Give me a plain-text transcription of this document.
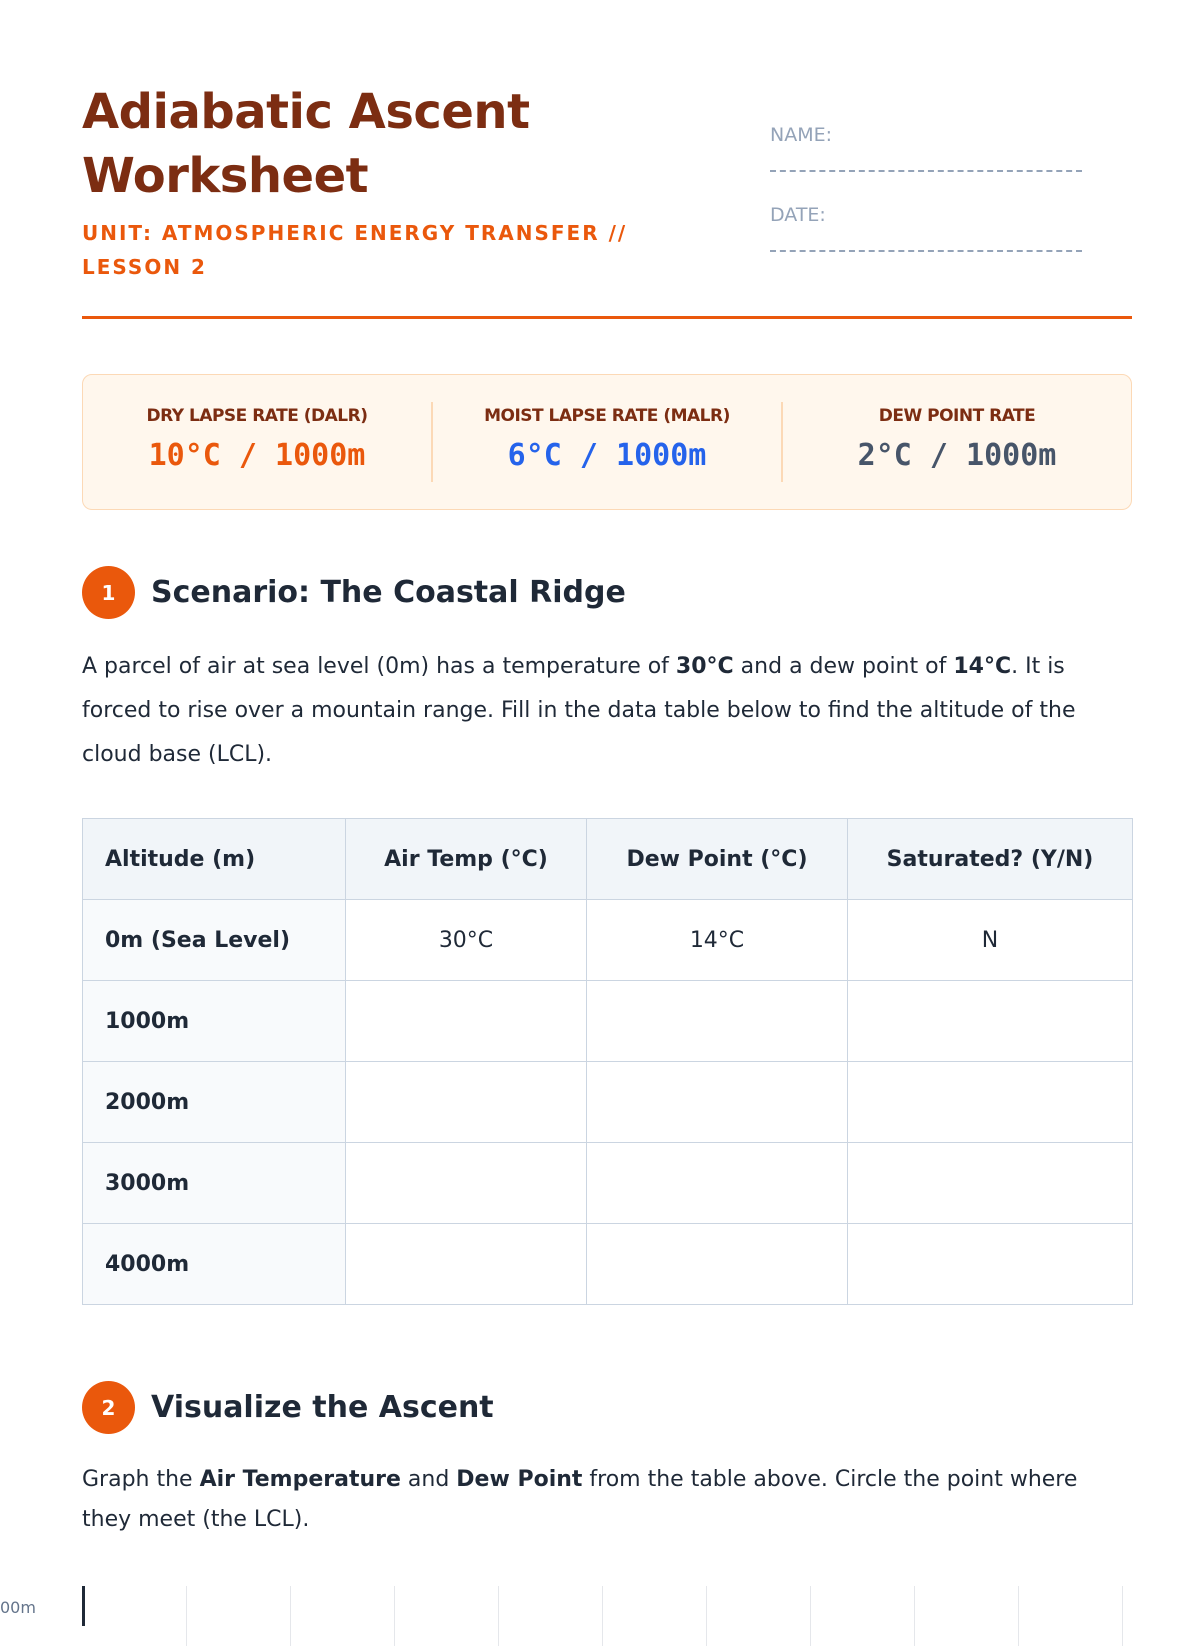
Adiabatic Ascent Worksheet
UNIT: ATMOSPHERIC ENERGY TRANSFER // LESSON 2
NAME:
DATE:
DRY LAPSE RATE (DALR)
10°C / 1000m
MOIST LAPSE RATE (MALR)
6°C / 1000m
DEW POINT RATE
2°C / 1000m
1	Scenario: The Coastal Ridge
A parcel of air at sea level (0m) has a temperature of 30°C and a dew point of 14°C. It is forced to rise over a mountain range. Fill in the data table below to find the altitude of the cloud base (LCL).
Altitude (m)	Air Temp (°C)	Dew Point (°C)	Saturated? (Y/N)
0m (Sea Level)	30°C	14°C	N
1000m			
2000m			
3000m			
4000m			
2	Visualize the Ascent
Graph the Air Temperature and Dew Point from the table above. Circle the point where they meet (the LCL).
00m
